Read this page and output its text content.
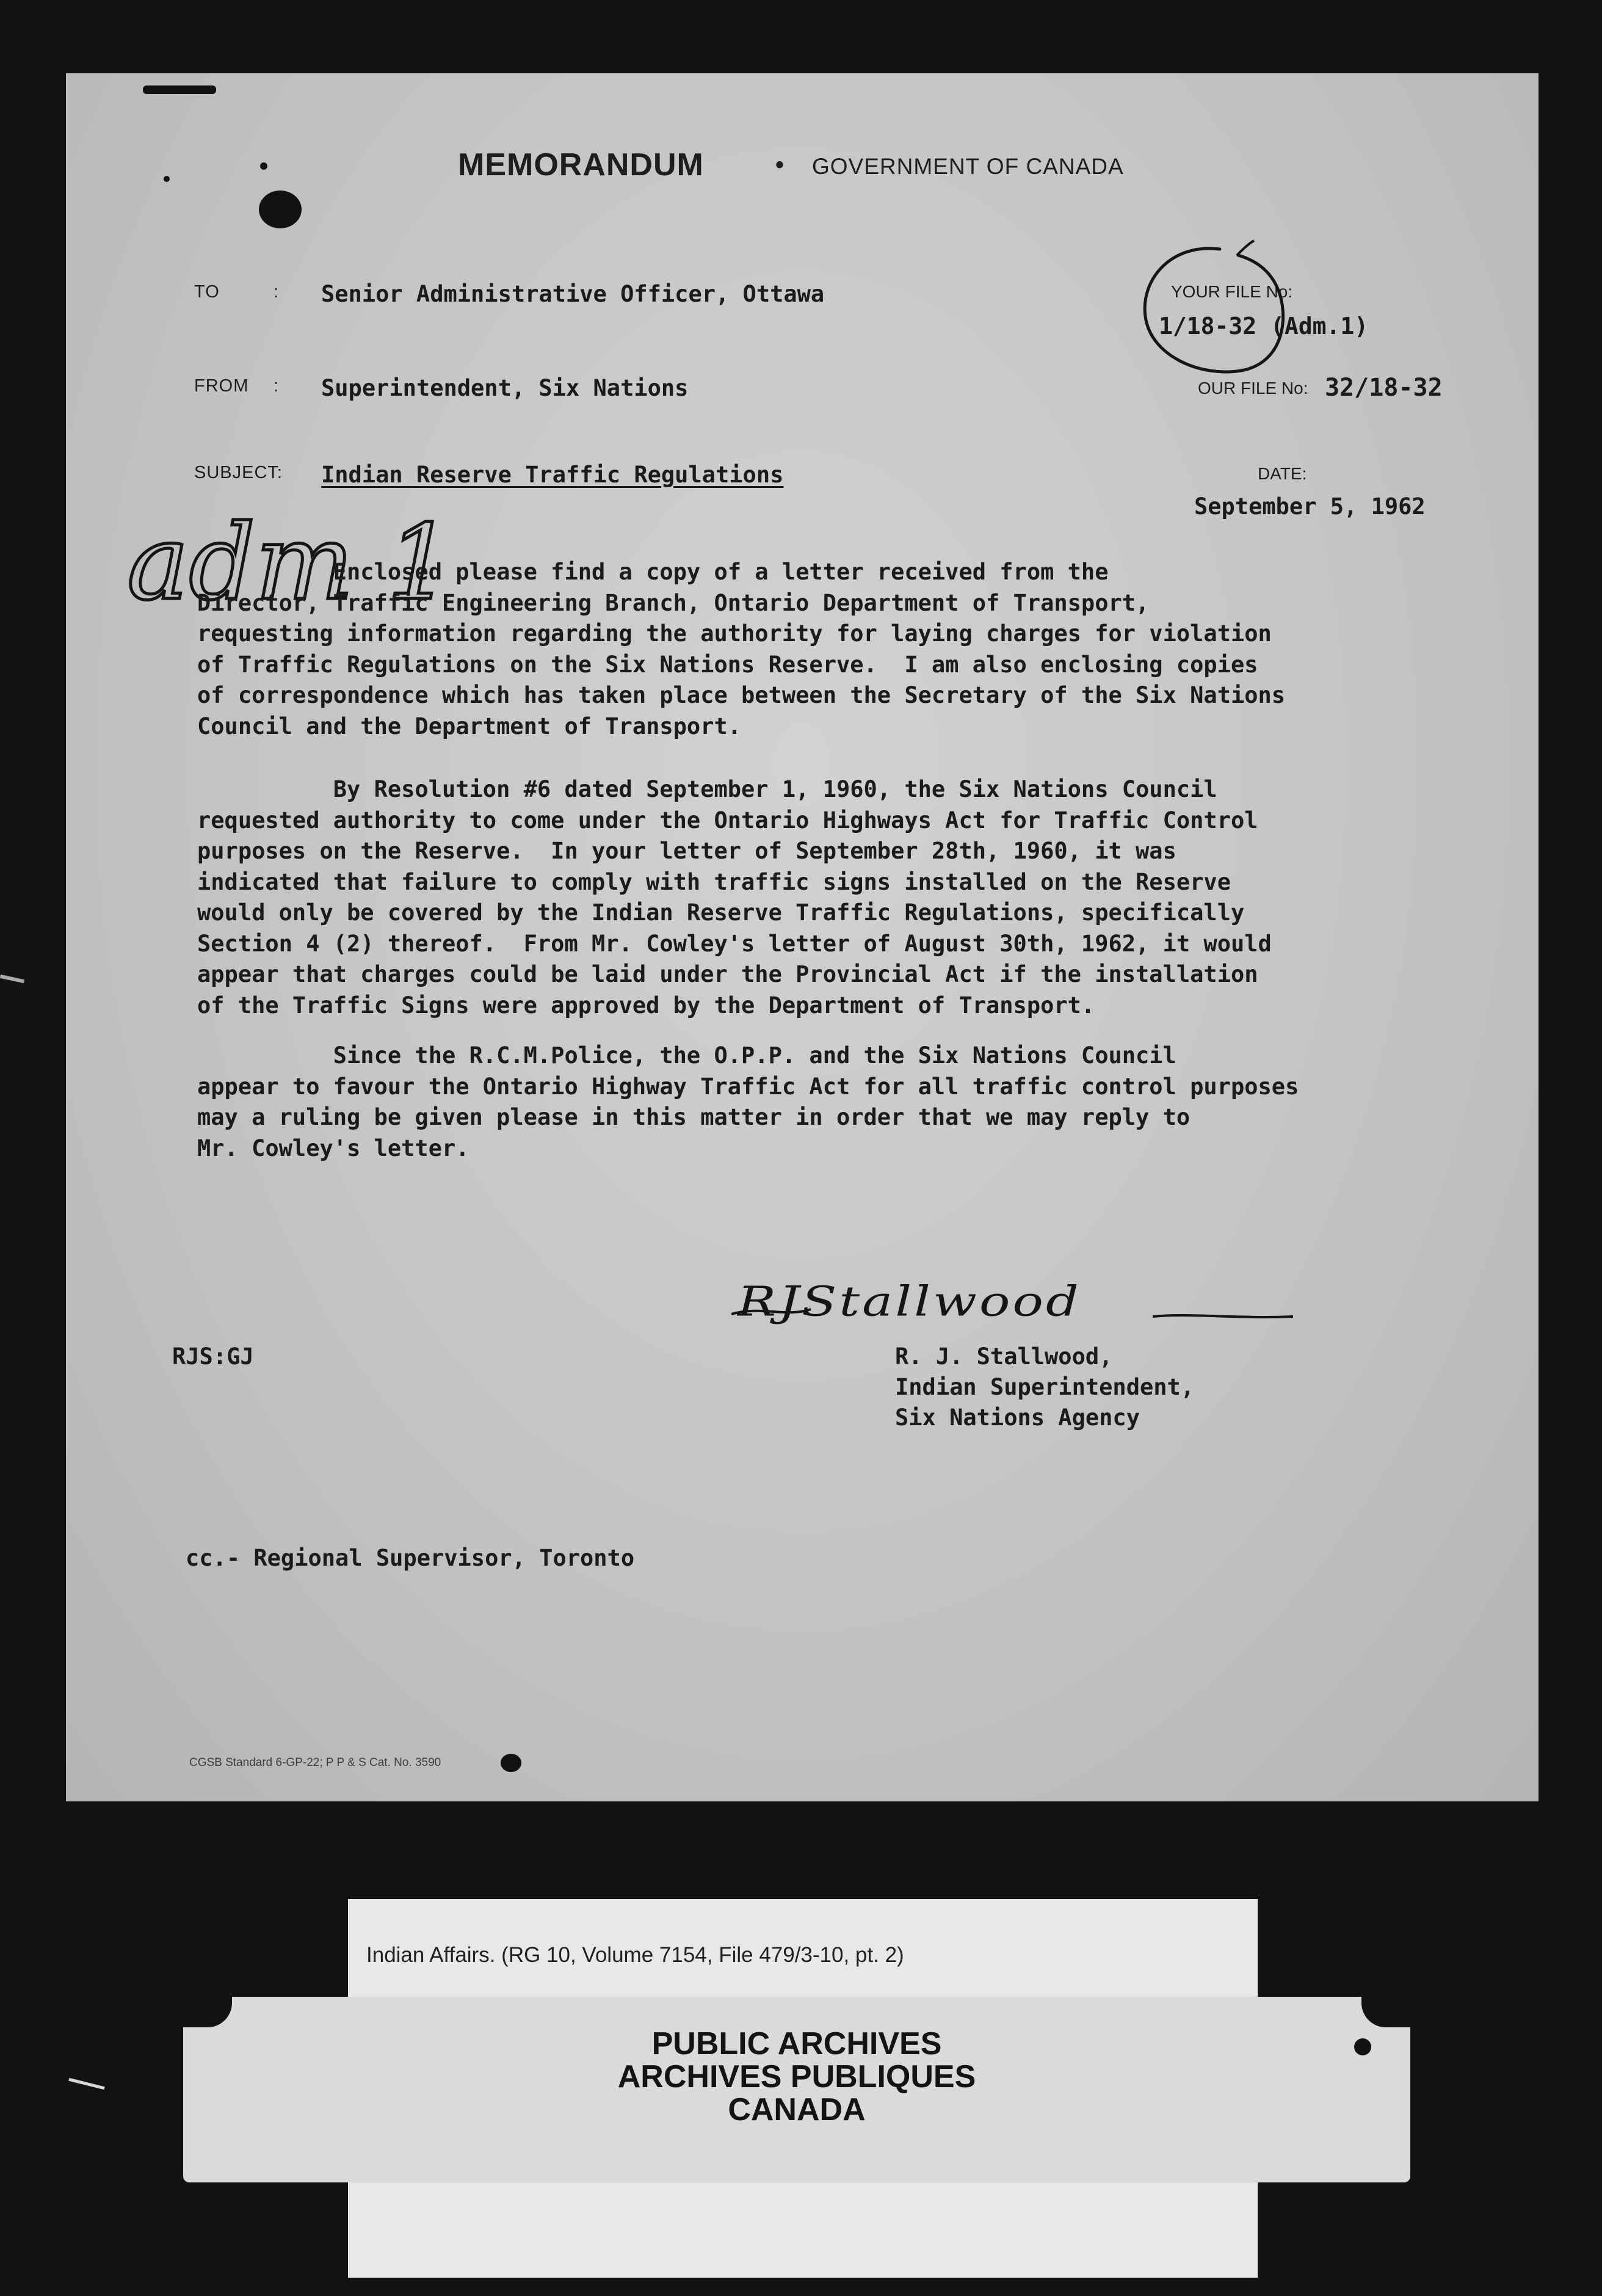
MEMORANDUM	• GOVERNMENT OF CANADA
TO	: Senior Administrative Officer, Ottawa	YOUR FILE No:
1/18-32 (Adm.1)
FROM : Superintendent, Six Nations	OUR FILE No: 32/18-32
SUBJECT: Indian Reserve Traffic Regulations	DATE:
September 5, 1962
adm 1
Enclosed please find a copy of a letter received from the
Director, Traffic Engineering Branch, Ontario Department of Transport,
requesting information regarding the authority for laying charges for violation
of Traffic Regulations on the Six Nations Reserve.  I am also enclosing copies
of correspondence which has taken place between the Secretary of the Six Nations
Council and the Department of Transport.
By Resolution #6 dated September 1, 1960, the Six Nations Council
requested authority to come under the Ontario Highways Act for Traffic Control
purposes on the Reserve.  In your letter of September 28th, 1960, it was
indicated that failure to comply with traffic signs installed on the Reserve
would only be covered by the Indian Reserve Traffic Regulations, specifically
Section 4 (2) thereof.  From Mr. Cowley's letter of August 30th, 1962, it would
appear that charges could be laid under the Provincial Act if the installation
of the Traffic Signs were approved by the Department of Transport.
Since the R.C.M.Police, the O.P.P. and the Six Nations Council
appear to favour the Ontario Highway Traffic Act for all traffic control purposes
may a ruling be given please in this matter in order that we may reply to
Mr. Cowley's letter.
RJStallwood
RJS:GJ	R. J. Stallwood,
Indian Superintendent,
Six Nations Agency
cc.- Regional Supervisor, Toronto
CGSB Standard 6-GP-22; P P & S Cat. No. 3590
Indian Affairs. (RG 10, Volume 7154, File 479/3-10, pt. 2)
PUBLIC ARCHIVES
ARCHIVES PUBLIQUES
CANADA
